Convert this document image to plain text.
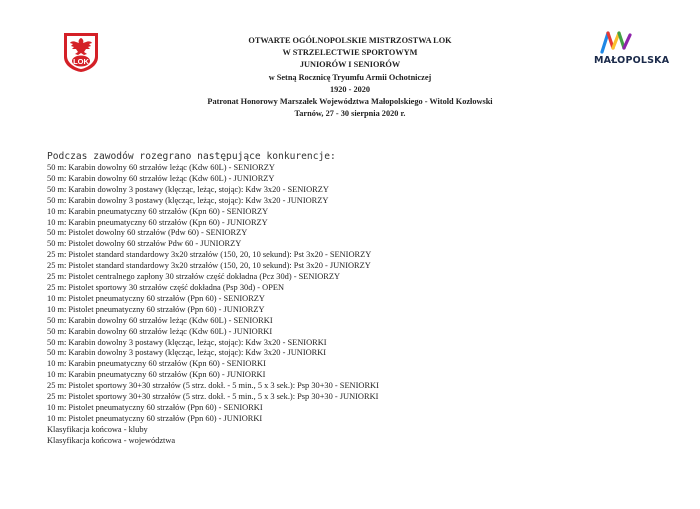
LOK	MAŁOPOLSKA
OTWARTE OGÓLNOPOLSKIE MISTRZOSTWA LOK
W STRZELECTWIE SPORTOWYM
JUNIORÓW I SENIORÓW
w Setną Rocznicę Tryumfu Armii Ochotniczej
1920 - 2020
Patronat Honorowy Marszałek Województwa Małopolskiego - Witold Kozłowski
Tarnów, 27 - 30 sierpnia 2020 r.
Podczas zawodów rozegrano następujące konkurencje:
50 m: Karabin dowolny 60 strzałów leżąc (Kdw 60L) - SENIORZY
50 m: Karabin dowolny 60 strzałów leżąc (Kdw 60L) - JUNIORZY
50 m: Karabin dowolny 3 postawy (klęcząc, leżąc, stojąc): Kdw 3x20 - SENIORZY
50 m: Karabin dowolny 3 postawy (klęcząc, leżąc, stojąc): Kdw 3x20 - JUNIORZY
10 m: Karabin pneumatyczny 60 strzałów (Kpn 60) - SENIORZY
10 m: Karabin pneumatyczny 60 strzałów (Kpn 60) - JUNIORZY
50 m: Pistolet dowolny 60 strzałów (Pdw 60) - SENIORZY
50 m: Pistolet dowolny 60 strzałów Pdw 60 - JUNIORZY
25 m: Pistolet standard standardowy 3x20 strzałów (150, 20, 10 sekund): Pst 3x20 - SENIORZY
25 m: Pistolet standard standardowy 3x20 strzałów (150, 20, 10 sekund): Pst 3x20 - JUNIORZY
25 m: Pistolet centralnego zapłony 30 strzałów część dokładna (Pcz 30d) - SENIORZY
25 m: Pistolet sportowy 30 strzałów część dokładna (Psp 30d) - OPEN
10 m: Pistolet pneumatyczny 60 strzałów (Ppn 60) - SENIORZY
10 m: Pistolet pneumatyczny 60 strzałów (Ppn 60) - JUNIORZY
50 m: Karabin dowolny 60 strzałów leżąc (Kdw 60L) - SENIORKI
50 m: Karabin dowolny 60 strzałów leżąc (Kdw 60L) - JUNIORKI
50 m: Karabin dowolny 3 postawy (klęcząc, leżąc, stojąc): Kdw 3x20 - SENIORKI
50 m: Karabin dowolny 3 postawy (klęcząc, leżąc, stojąc): Kdw 3x20 - JUNIORKI
10 m: Karabin pneumatyczny 60 strzałów (Kpn 60) - SENIORKI
10 m: Karabin pneumatyczny 60 strzałów (Kpn 60) - JUNIORKI
25 m: Pistolet sportowy 30+30 strzałów (5 strz. dokł. - 5 min., 5 x 3 sek.): Psp 30+30 - SENIORKI
25 m: Pistolet sportowy 30+30 strzałów (5 strz. dokł. - 5 min., 5 x 3 sek.): Psp 30+30 - JUNIORKI
10 m: Pistolet pneumatyczny 60 strzałów (Ppn 60) - SENIORKI
10 m: Pistolet pneumatyczny 60 strzałów (Ppn 60) - JUNIORKI
Klasyfikacja końcowa - kluby
Klasyfikacja końcowa - województwa
